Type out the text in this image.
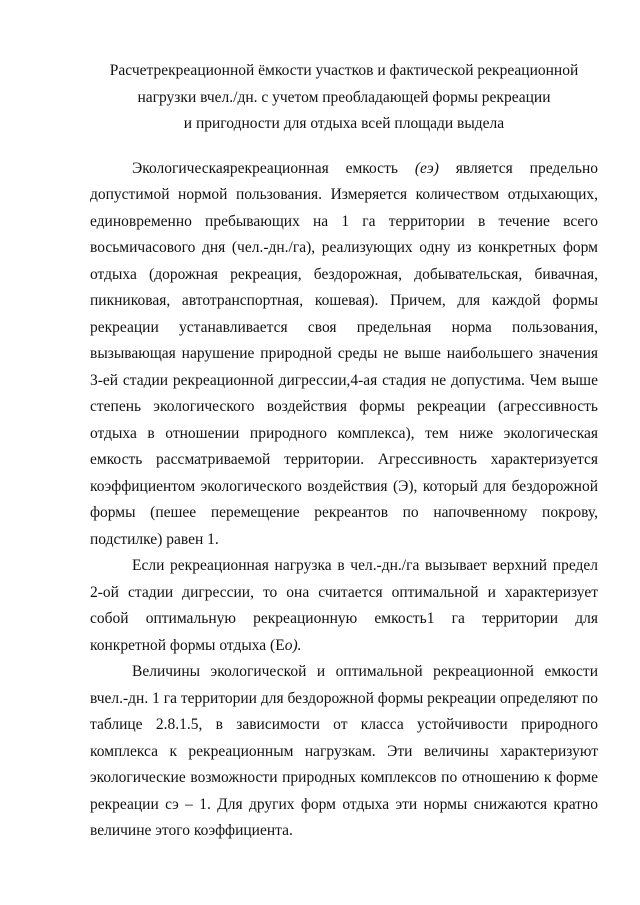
Расчетрекреационной ёмкости участков и фактической рекреационной
нагрузки вчел./дн. с учетом преобладающей формы рекреации
и пригодности для отдыха всей площади выдела

Экологическаярекреационная емкость (eэ) является предельно допустимой нормой пользования. Измеряется количеством отдыхающих, единовременно пребывающих на 1 га территории в течение всего восьмичасового дня (чел.-дн./га), реализующих одну из конкретных форм отдыха (дорожная рекреация, бездорожная, добывательская, бивачная, пикниковая, автотранспортная, кошевая). Причем, для каждой формы рекреации устанавливается своя предельная норма пользования, вызывающая нарушение природной среды не выше наибольшего значения 3-ей стадии рекреационной дигрессии,4-ая стадия не допустима. Чем выше степень экологического воздействия формы рекреации (агрессивность отдыха в отношении природного комплекса), тем ниже экологическая емкость рассматриваемой территории. Агрессивность характеризуется коэффициентом экологического воздействия (Э), который для бездорожной формы (пешее перемещение рекреантов по напочвенному покрову, подстилке) равен 1.

Если рекреационная нагрузка в чел.-дн./га вызывает верхний предел 2-ой стадии дигрессии, то она считается оптимальной и характеризует собой оптимальную рекреационную емкость1 га территории для конкретной формы отдыха (Ео).

Величины экологической и оптимальной рекреационной емкости вчел.-дн. 1 га территории для бездорожной формы рекреации определяют по таблице 2.8.1.5, в зависимости от класса устойчивости природного комплекса к рекреационным нагрузкам. Эти величины характеризуют экологические возможности природных комплексов по отношению к форме рекреации сэ – 1. Для других форм отдыха эти нормы снижаются кратно величине этого коэффициента.
